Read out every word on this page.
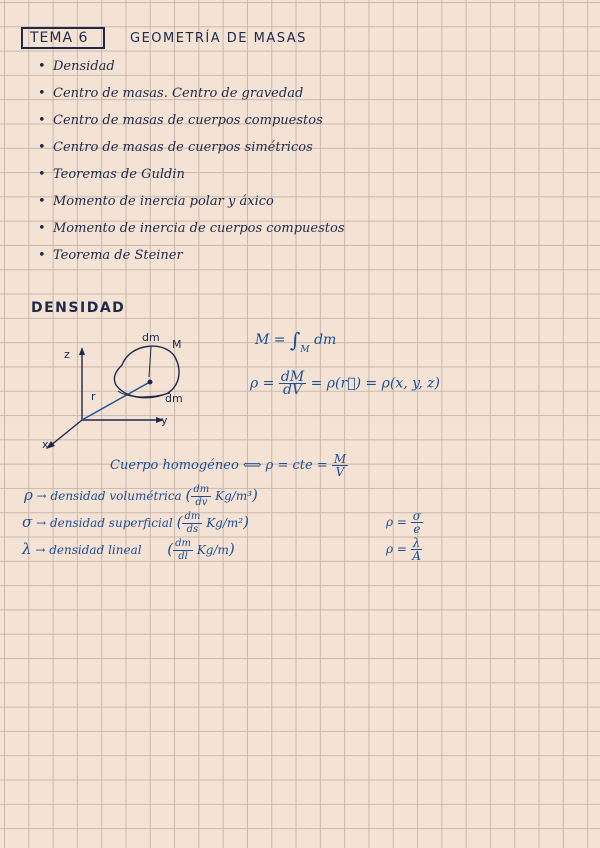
TEMA 6	GEOMETRÍA DE MASAS
• Densidad
• Centro de masas. Centro de gravedad
• Centro de masas de cuerpos compuestos
• Centro de masas de cuerpos simétricos
• Teoremas de Guldin
• Momento de inercia polar y áxico
• Momento de inercia de cuerpos compuestos
• Teorema de Steiner
DENSIDAD
dm
M
z
y
x
r	dm
$M = \int_M$ dm
$\rho = \frac{dM}{dV}$ = ρ(r⃗) = ρ(x, y, z)
Cuerpo homogéneo ⟺ ρ = cte = $\frac{M}{V}$
ρ → densidad volumétrica ( $\frac{dm}{dv} Kg/m^3$)
σ → densidad superficial ( $\frac{dm}{ds} Kg/m^2$)
λ → densidad lineal ( $\frac{dm}{dl} Kg/m$)
$\rho = \frac{\sigma}{e}$
$\rho = \frac{\lambda}{A}$
